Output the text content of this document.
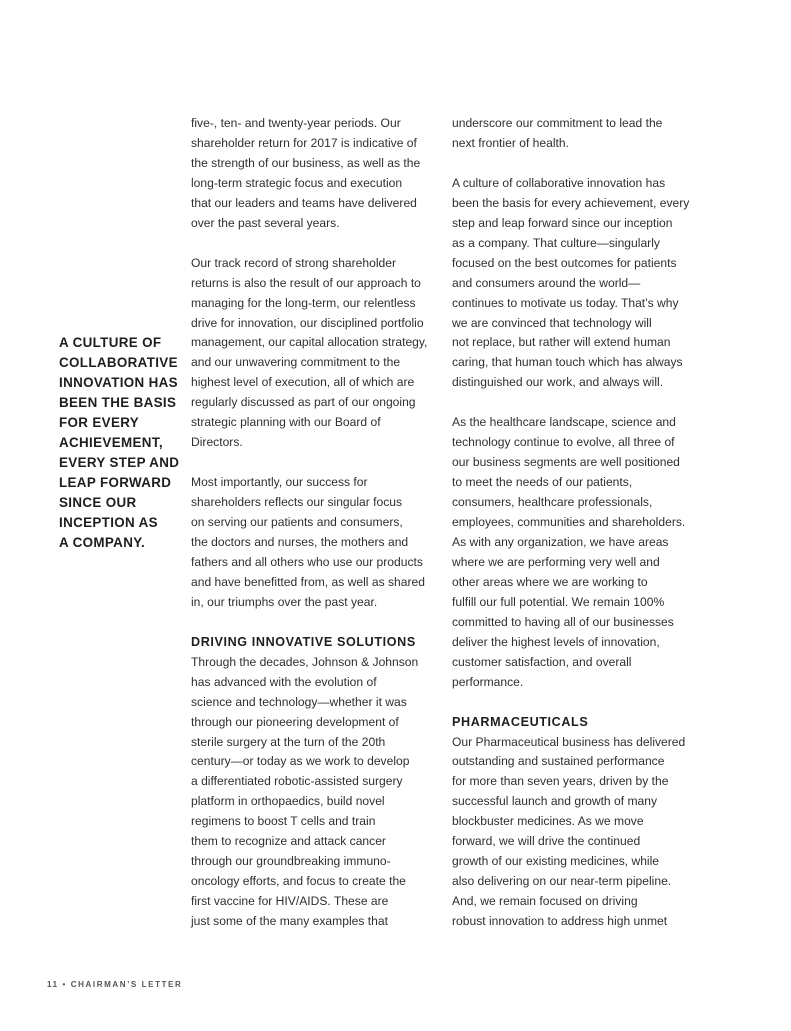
A CULTURE OF
COLLABORATIVE
INNOVATION HAS
BEEN THE BASIS
FOR EVERY
ACHIEVEMENT,
EVERY STEP AND
LEAP FORWARD
SINCE OUR
INCEPTION AS
A COMPANY.

five-, ten- and twenty-year periods. Our
shareholder return for 2017 is indicative of
the strength of our business, as well as the
long-term strategic focus and execution
that our leaders and teams have delivered
over the past several years.

Our track record of strong shareholder
returns is also the result of our approach to
managing for the long-term, our relentless
drive for innovation, our disciplined portfolio
management, our capital allocation strategy,
and our unwavering commitment to the
highest level of execution, all of which are
regularly discussed as part of our ongoing
strategic planning with our Board of
Directors.

Most importantly, our success for
shareholders reflects our singular focus
on serving our patients and consumers,
the doctors and nurses, the mothers and
fathers and all others who use our products
and have benefitted from, as well as shared
in, our triumphs over the past year.

DRIVING INNOVATIVE SOLUTIONS

Through the decades, Johnson & Johnson
has advanced with the evolution of
science and technology—whether it was
through our pioneering development of
sterile surgery at the turn of the 20th
century—or today as we work to develop
a differentiated robotic-assisted surgery
platform in orthopaedics, build novel
regimens to boost T cells and train
them to recognize and attack cancer
through our groundbreaking immuno-
oncology efforts, and focus to create the
first vaccine for HIV/AIDS. These are
just some of the many examples that

underscore our commitment to lead the
next frontier of health.

A culture of collaborative innovation has
been the basis for every achievement, every
step and leap forward since our inception
as a company. That culture—singularly
focused on the best outcomes for patients
and consumers around the world—
continues to motivate us today. That’s why
we are convinced that technology will
not replace, but rather will extend human
caring, that human touch which has always
distinguished our work, and always will.

As the healthcare landscape, science and
technology continue to evolve, all three of
our business segments are well positioned
to meet the needs of our patients,
consumers, healthcare professionals,
employees, communities and shareholders.
As with any organization, we have areas
where we are performing very well and
other areas where we are working to
fulfill our full potential. We remain 100%
committed to having all of our businesses
deliver the highest levels of innovation,
customer satisfaction, and overall
performance.

PHARMACEUTICALS

Our Pharmaceutical business has delivered
outstanding and sustained performance
for more than seven years, driven by the
successful launch and growth of many
blockbuster medicines. As we move
forward, we will drive the continued
growth of our existing medicines, while
also delivering on our near-term pipeline.
And, we remain focused on driving
robust innovation to address high unmet

11 • CHAIRMAN’S LETTER
